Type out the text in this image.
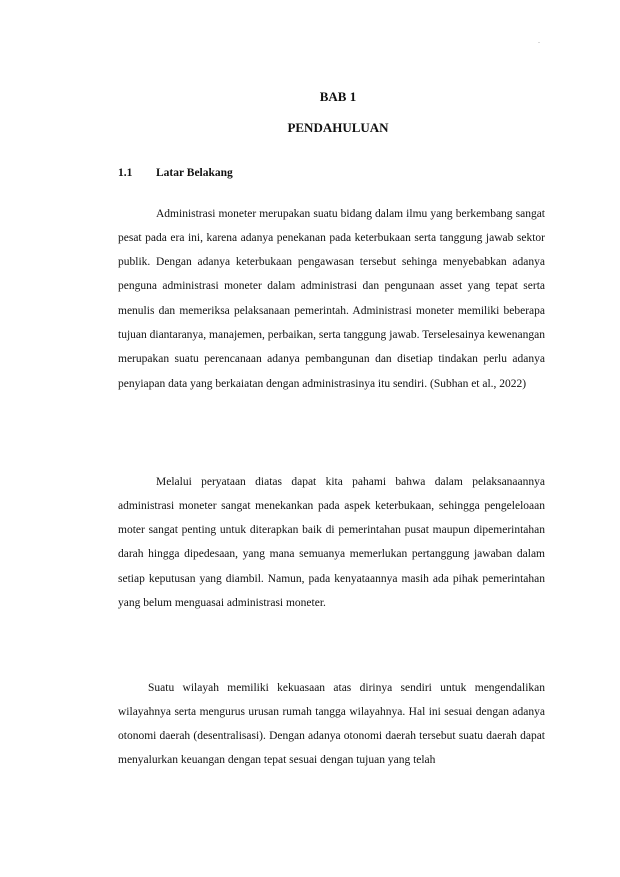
-
BAB 1
PENDAHULUAN
1.1 Latar Belakang

Administrasi moneter merupakan suatu bidang dalam ilmu yang berkembang sangat pesat pada era ini, karena adanya penekanan pada keterbukaan serta tanggung jawab sektor publik. Dengan adanya keterbukaan pengawasan tersebut sehinga menyebabkan adanya penguna administrasi moneter dalam administrasi dan pengunaan asset yang tepat serta menulis dan memeriksa pelaksanaan pemerintah. Administrasi moneter memiliki beberapa tujuan diantaranya, manajemen, perbaikan, serta tanggung jawab. Terselesainya kewenangan merupakan suatu perencanaan adanya pembangunan dan disetiap tindakan perlu adanya penyiapan data yang berkaiatan dengan administrasinya itu sendiri. (Subhan et al., 2022)

Melalui peryataan diatas dapat kita pahami bahwa dalam pelaksanaannya administrasi moneter sangat menekankan pada aspek keterbukaan, sehingga pengeleloaan moter sangat penting untuk diterapkan baik di pemerintahan pusat maupun dipemerintahan darah hingga dipedesaan, yang mana semuanya memerlukan pertanggung jawaban dalam setiap keputusan yang diambil. Namun, pada kenyataannya masih ada pihak pemerintahan yang belum menguasai administrasi moneter.

Suatu wilayah memiliki kekuasaan atas dirinya sendiri untuk mengendalikan wilayahnya serta mengurus urusan rumah tangga wilayahnya. Hal ini sesuai dengan adanya otonomi daerah (desentralisasi). Dengan adanya otonomi daerah tersebut suatu daerah dapat menyalurkan keuangan dengan tepat sesuai dengan tujuan yang telah
